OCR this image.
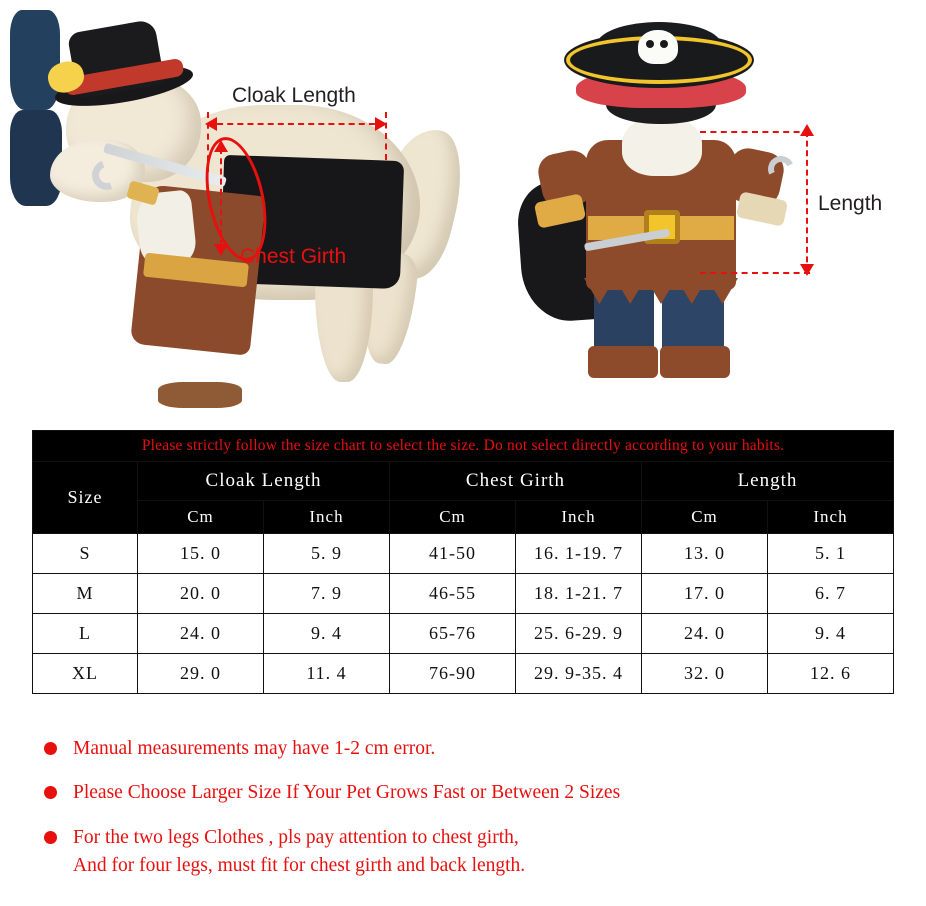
Cloak Length
Chest Girth
Length
Please strictly follow the size chart to select the size. Do not select directly according to your habits.						
Size	Cloak Length		Chest Girth		Length	
	Cm	Inch	Cm	Inch	Cm	Inch
S	15. 0	5. 9	41-50	16. 1-19. 7	13. 0	5. 1
M	20. 0	7. 9	46-55	18. 1-21. 7	17. 0	6. 7
L	24. 0	9. 4	65-76	25. 6-29. 9	24. 0	9. 4
XL	29. 0	11. 4	76-90	29. 9-35. 4	32. 0	12. 6
Manual measurements may have 1-2 cm error.
Please Choose Larger Size If Your Pet Grows Fast or Between 2 Sizes
For the two legs Clothes , pls pay attention to chest girth,
And for four legs, must fit for chest girth and back length.
